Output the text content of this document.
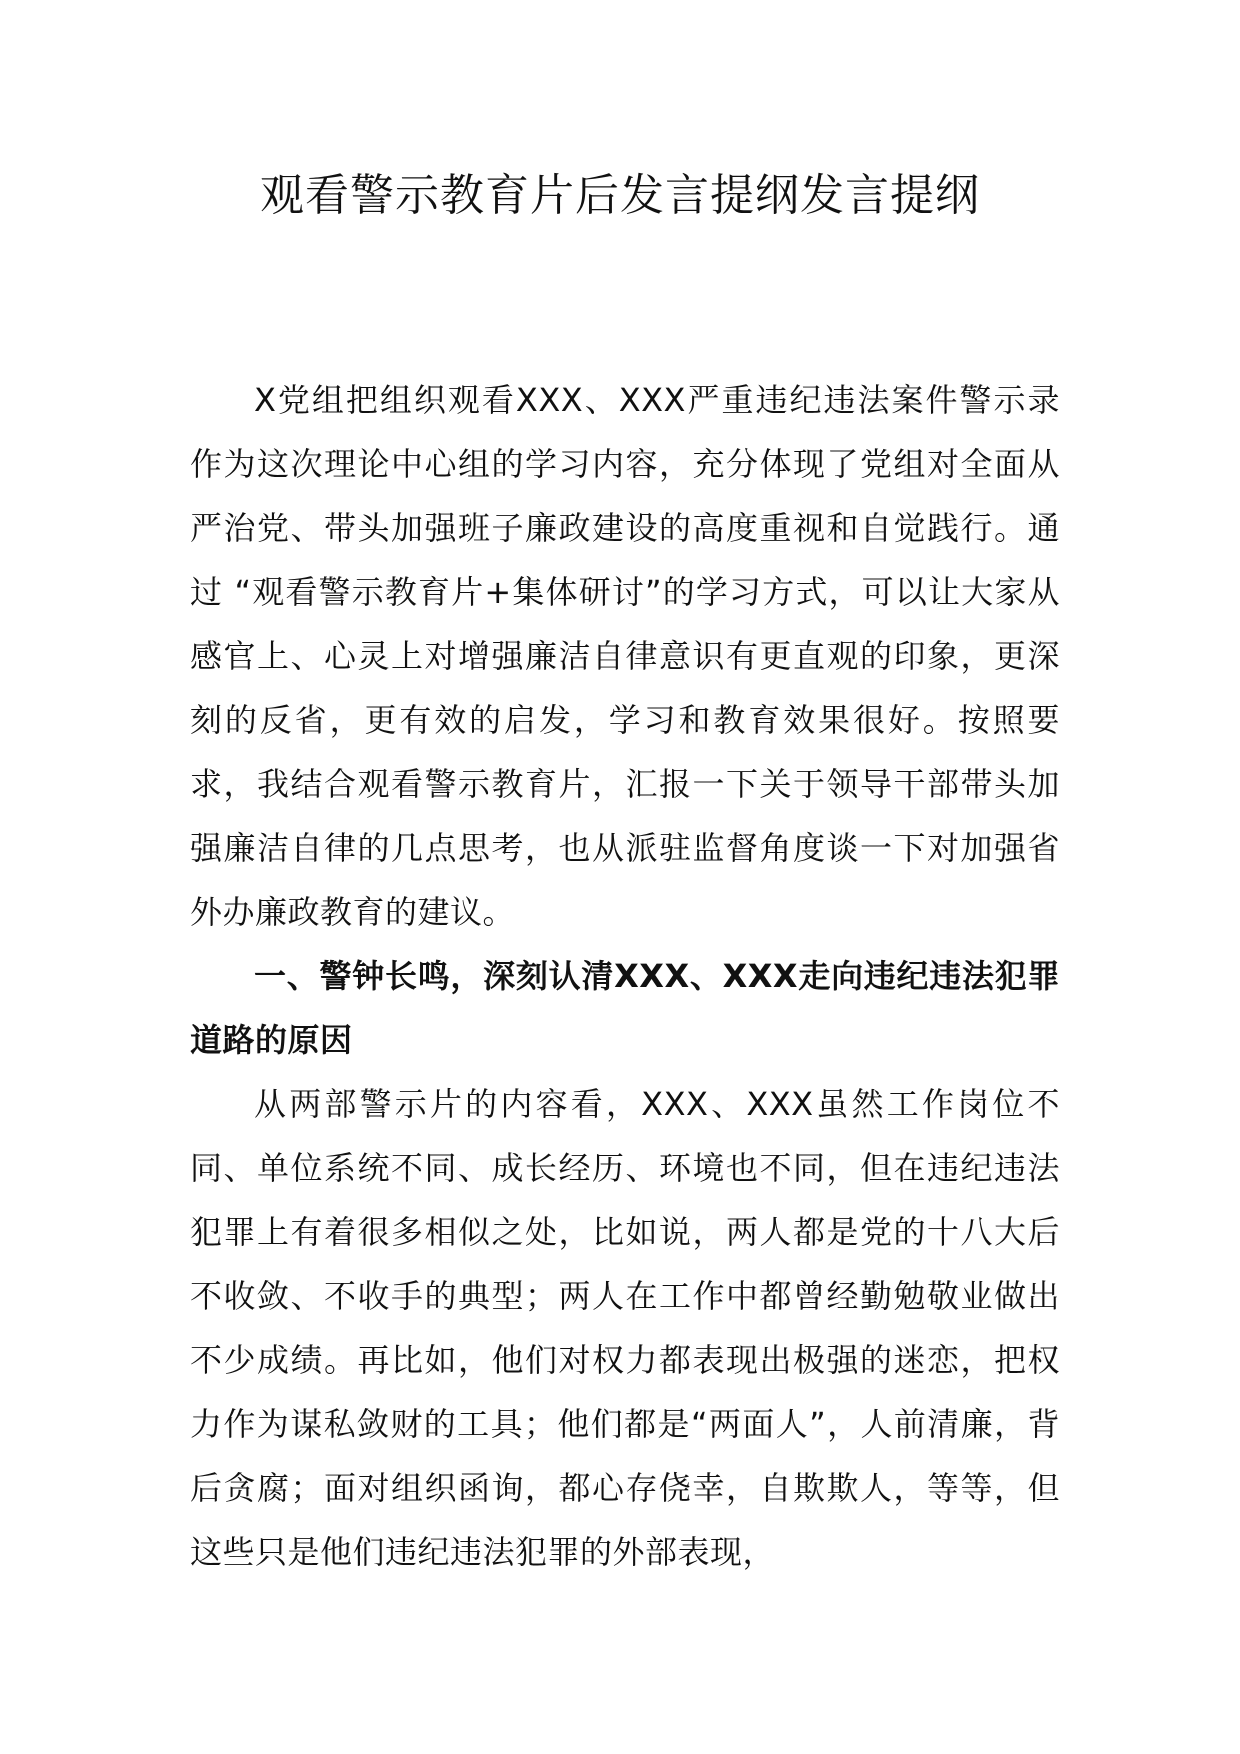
观看警示教育片后发言提纲发言提纲

X党组把组织观看XXX、XXX严重违纪违法案件警示录作为这次理论中心组的学习内容，充分体现了党组对全面从严治党、带头加强班子廉政建设的高度重视和自觉践行。通过 “观看警示教育片+集体研讨”的学习方式，可以让大家从感官上、心灵上对增强廉洁自律意识有更直观的印象，更深刻的反省，更有效的启发，学习和教育效果很好。按照要求，我结合观看警示教育片，汇报一下关于领导干部带头加强廉洁自律的几点思考，也从派驻监督角度谈一下对加强省外办廉政教育的建议。

一、警钟长鸣，深刻认清XXX、XXX走向违纪违法犯罪道路的原因

从两部警示片的内容看，XXX、XXX虽然工作岗位不同、单位系统不同、成长经历、环境也不同，但在违纪违法犯罪上有着很多相似之处，比如说，两人都是党的十八大后不收敛、不收手的典型；两人在工作中都曾经勤勉敬业做出不少成绩。再比如，他们对权力都表现出极强的迷恋，把权力作为谋私敛财的工具；他们都是“两面人”，人前清廉，背后贪腐；面对组织函询，都心存侥幸，自欺欺人，等等，但这些只是他们违纪违法犯罪的外部表现，
